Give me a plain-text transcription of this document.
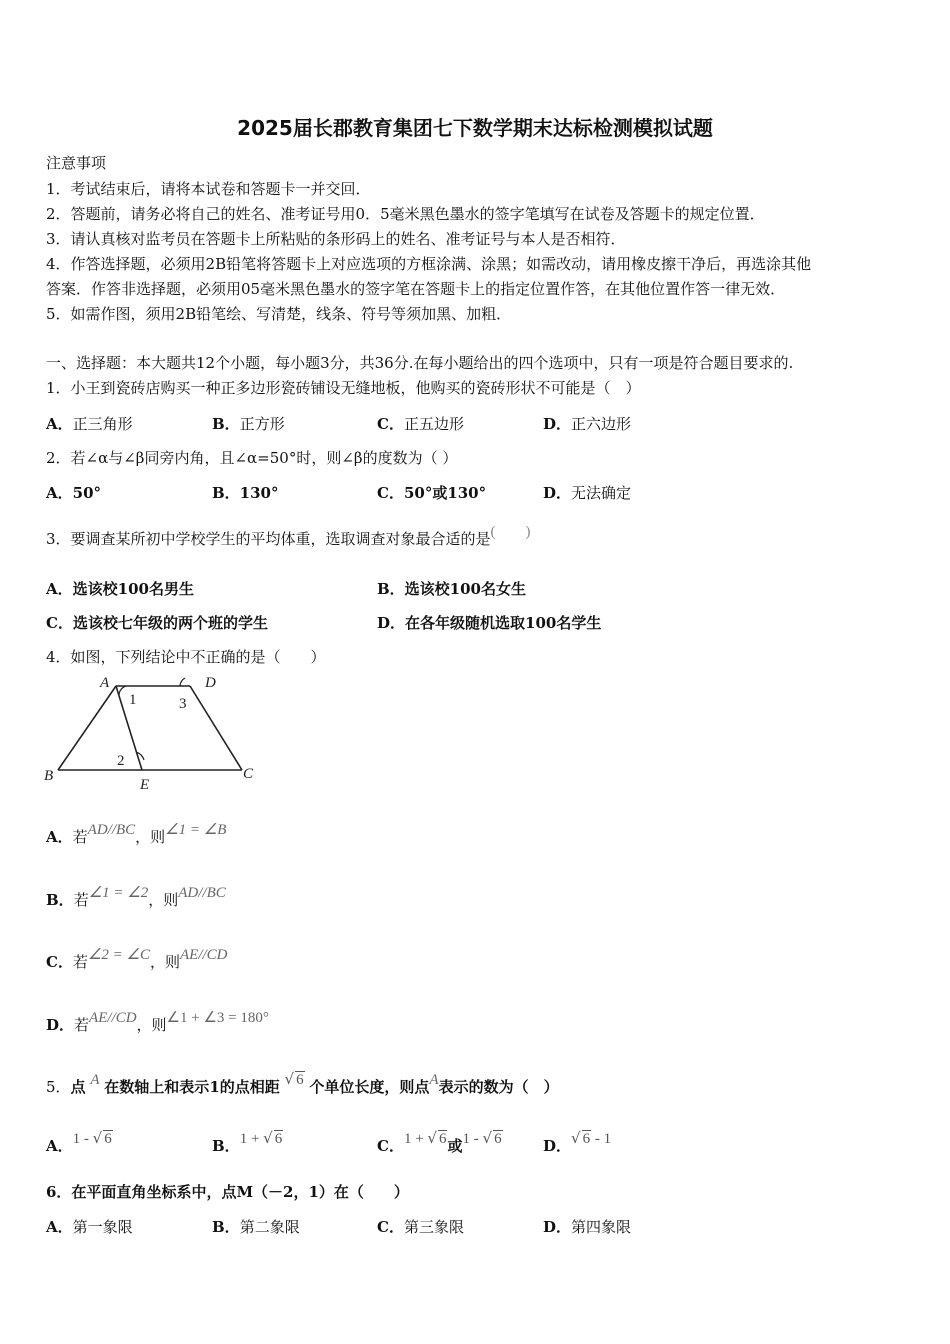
2025届长郡教育集团七下数学期末达标检测模拟试题
注意事项
1．考试结束后，请将本试卷和答题卡一并交回．
2．答题前，请务必将自己的姓名、准考证号用0．5毫米黑色墨水的签字笔填写在试卷及答题卡的规定位置．
3．请认真核对监考员在答题卡上所粘贴的条形码上的姓名、准考证号与本人是否相符．
4．作答选择题，必须用2B铅笔将答题卡上对应选项的方框涂满、涂黑；如需改动，请用橡皮擦干净后，再选涂其他
答案．作答非选择题，必须用05毫米黑色墨水的签字笔在答题卡上的指定位置作答，在其他位置作答一律无效．
5．如需作图，须用2B铅笔绘、写清楚，线条、符号等须加黑、加粗．
一、选择题：本大题共12个小题，每小题3分，共36分.在每小题给出的四个选项中，只有一项是符合题目要求的.
1．小王到瓷砖店购买一种正多边形瓷砖铺设无缝地板，他购买的瓷砖形状不可能是（　）
A．正三角形	B．正方形	C．正五边形	D．正六边形
2．若∠α与∠β同旁内角，且∠α=50°时，则∠β的度数为（ ）
A．50°	B．130°	C．50°或130°	D．无法确定
3．要调查某所初中学校学生的平均体重，选取调查对象最合适的是(　　)
A．选该校100名男生	B．选该校100名女生
C．选该校七年级的两个班的学生	D．在各年级随机选取100名学生
4．如图，下列结论中不正确的是（　　）
A	D
B	C
E
1	3
2
A．若AD//BC，则∠1 = ∠B
B．若∠1 = ∠2，则AD//BC
C．若∠2 = ∠C，则AE//CD
D．若AE//CD，则∠1 + ∠3 = 180°
5．点 A 在数轴上和表示1的点相距 √ 6 个单位长度，则点A表示的数为（　）
A．1 - √ 6	B．1 + √ 6	C．1 + √ 6或1 - √ 6	D．√ 6 - 1
6．在平面直角坐标系中，点M（－2，1）在（　　）
A．第一象限	B．第二象限	C．第三象限	D．第四象限
